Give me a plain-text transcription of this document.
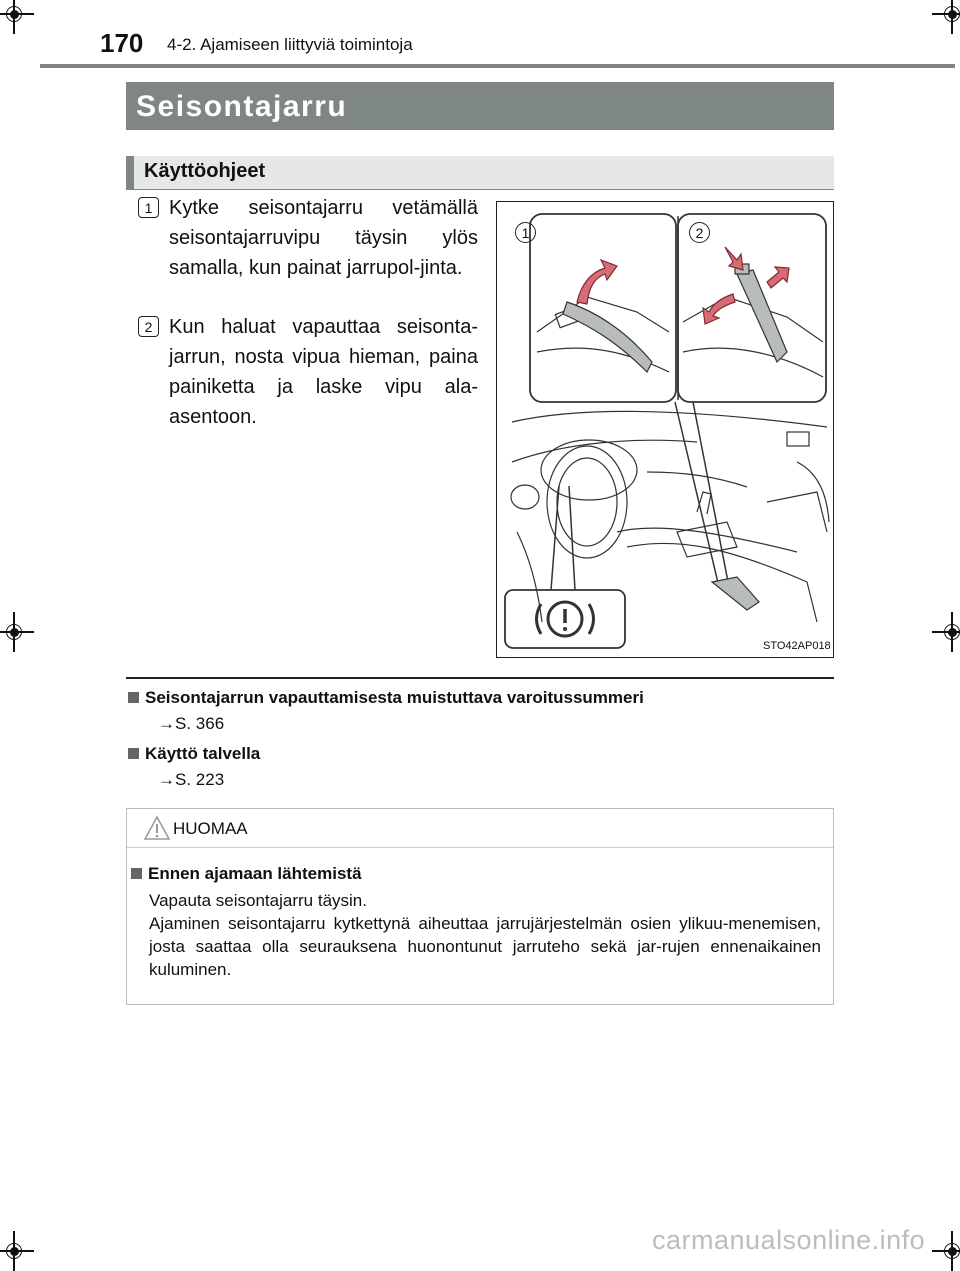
170 4-2. Ajamiseen liittyviä toimintoja
Seisontajarru
Käyttöohjeet
1 Kytke seisontajarru vetämällä seisontajarruvipu täysin ylös samalla, kun painat jarrupol-jinta.
2 Kun haluat vapauttaa seisonta-jarrun, nosta vipua hieman, paina painiketta ja laske vipu ala-asentoon.
1	2
STO42AP018
Seisontajarrun vapauttamisesta muistuttava varoitussummeri
→S. 366
Käyttö talvella
→S. 223
HUOMAA
Ennen ajamaan lähtemistä
Vapauta seisontajarru täysin.
Ajaminen seisontajarru kytkettynä aiheuttaa jarrujärjestelmän osien ylikuu-menemisen, josta saattaa olla seurauksena huonontunut jarruteho sekä jar-rujen ennenaikainen kuluminen.
carmanualsonline.info
